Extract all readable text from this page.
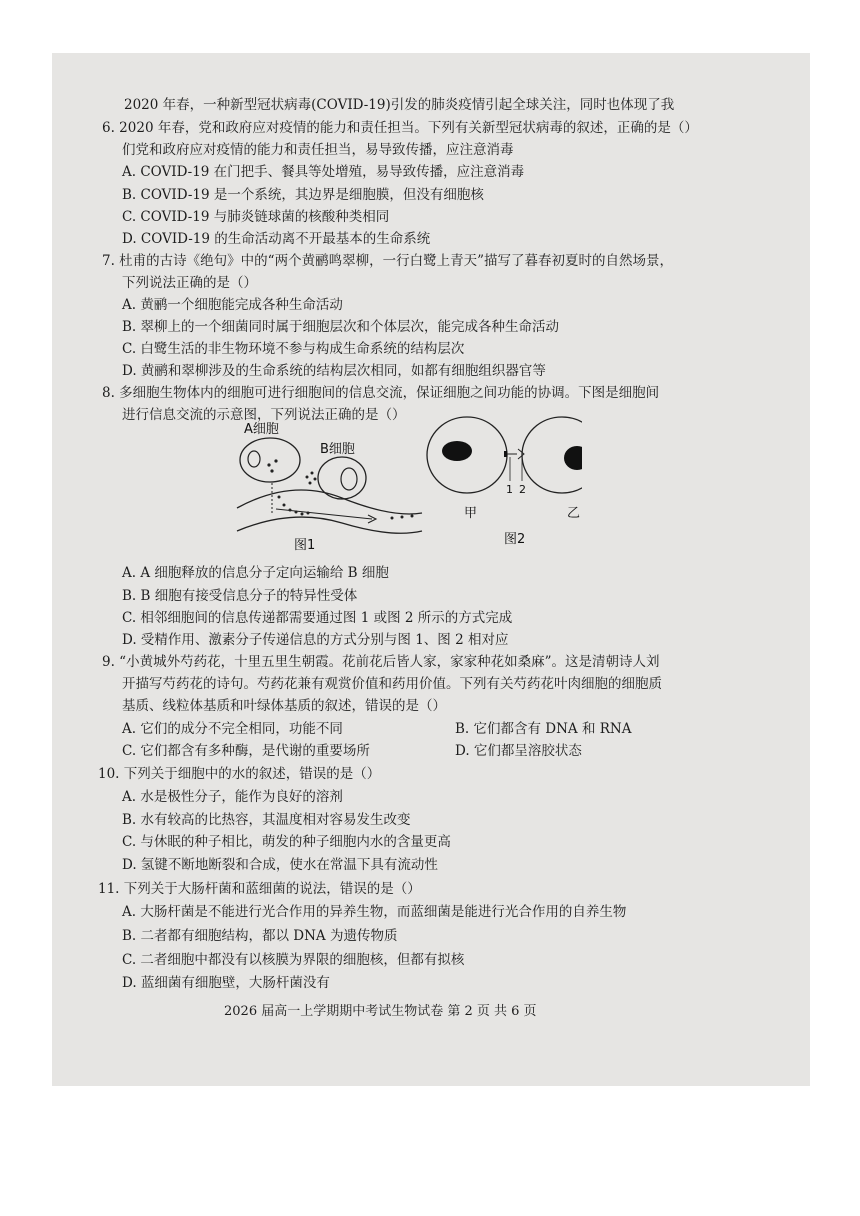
2020 年春，一种新型冠状病毒(COVID-19)引发的肺炎疫情引起全球关注，同时也体现了我
6. 2020 年春，党和政府应对疫情的能力和责任担当。下列有关新型冠状病毒的叙述，正确的是（）
们党和政府应对疫情的能力和责任担当，易导致传播，应注意消毒
A. COVID-19 在门把手、餐具等处增殖，易导致传播，应注意消毒
B. COVID-19 是一个系统，其边界是细胞膜，但没有细胞核
C. COVID-19 与肺炎链球菌的核酸种类相同
D. COVID-19 的生命活动离不开最基本的生命系统
7. 杜甫的古诗《绝句》中的“两个黄鹂鸣翠柳，一行白鹭上青天”描写了暮春初夏时的自然场景，
下列说法正确的是（）
A. 黄鹂一个细胞能完成各种生命活动
B. 翠柳上的一个细菌同时属于细胞层次和个体层次，能完成各种生命活动
C. 白鹭生活的非生物环境不参与构成生命系统的结构层次
D. 黄鹂和翠柳涉及的生命系统的结构层次相同，如都有细胞组织器官等
8. 多细胞生物体内的细胞可进行细胞间的信息交流，保证细胞之间功能的协调。下图是细胞间
进行信息交流的示意图，下列说法正确的是（）
A细胞
B细胞
图1
1 2
甲	乙
图2
A. A 细胞释放的信息分子定向运输给 B 细胞
B. B 细胞有接受信息分子的特异性受体
C. 相邻细胞间的信息传递都需要通过图 1 或图 2 所示的方式完成
D. 受精作用、激素分子传递信息的方式分别与图 1、图 2 相对应
9. “小黄城外芍药花，十里五里生朝霞。花前花后皆人家，家家种花如桑麻”。这是清朝诗人刘
开描写芍药花的诗句。芍药花兼有观赏价值和药用价值。下列有关芍药花叶肉细胞的细胞质
基质、线粒体基质和叶绿体基质的叙述，错误的是（）
A. 它们的成分不完全相同，功能不同	B. 它们都含有 DNA 和 RNA
C. 它们都含有多种酶，是代谢的重要场所	D. 它们都呈溶胶状态
10. 下列关于细胞中的水的叙述，错误的是（）
A. 水是极性分子，能作为良好的溶剂
B. 水有较高的比热容，其温度相对容易发生改变
C. 与休眠的种子相比，萌发的种子细胞内水的含量更高
D. 氢键不断地断裂和合成，使水在常温下具有流动性
11. 下列关于大肠杆菌和蓝细菌的说法，错误的是（）
A. 大肠杆菌是不能进行光合作用的异养生物，而蓝细菌是能进行光合作用的自养生物
B. 二者都有细胞结构，都以 DNA 为遗传物质
C. 二者细胞中都没有以核膜为界限的细胞核，但都有拟核
D. 蓝细菌有细胞壁，大肠杆菌没有
2026 届高一上学期期中考试生物试卷 第 2 页 共 6 页
